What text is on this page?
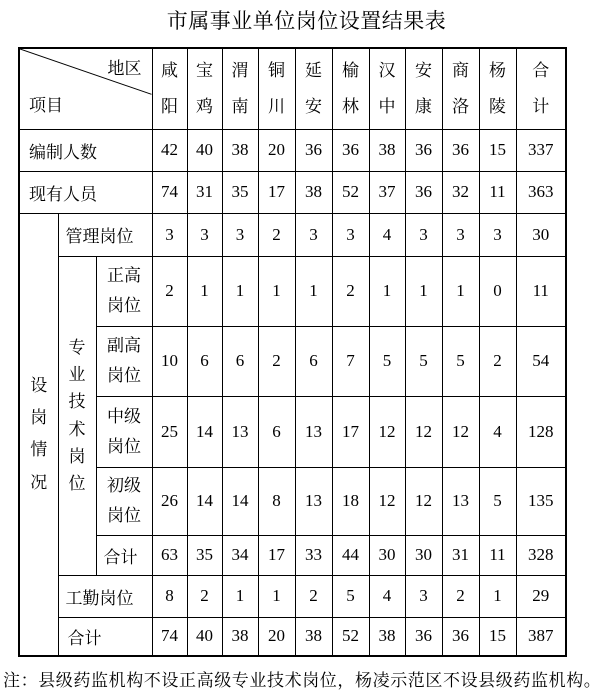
市属事业单位岗位设置结果表
地区
项目			咸阳	宝鸡	渭南	铜川	延安	榆林	汉中	安康	商洛	杨陵	合计
编制人数			42	40	38	20	36	36	38	36	36	15	337
现有人员			74	31	35	17	38	52	37	36	32	11	363
设岗情况	管理岗位		3	3	3	2	3	3	4	3	3	3	30
	专业技术岗位	正高岗位	2	1	1	1	1	2	1	1	1	0	11
		副高岗位	10	6	6	2	6	7	5	5	5	2	54
		中级岗位	25	14	13	6	13	17	12	12	12	4	128
		初级岗位	26	14	14	8	13	18	12	12	13	5	135
		合计	63	35	34	17	33	44	30	30	31	11	328
	工勤岗位		8	2	1	1	2	5	4	3	2	1	29
	合计		74	40	38	20	38	52	38	36	36	15	387
注：县级药监机构不设正高级专业技术岗位，杨凌示范区不设县级药监机构。
